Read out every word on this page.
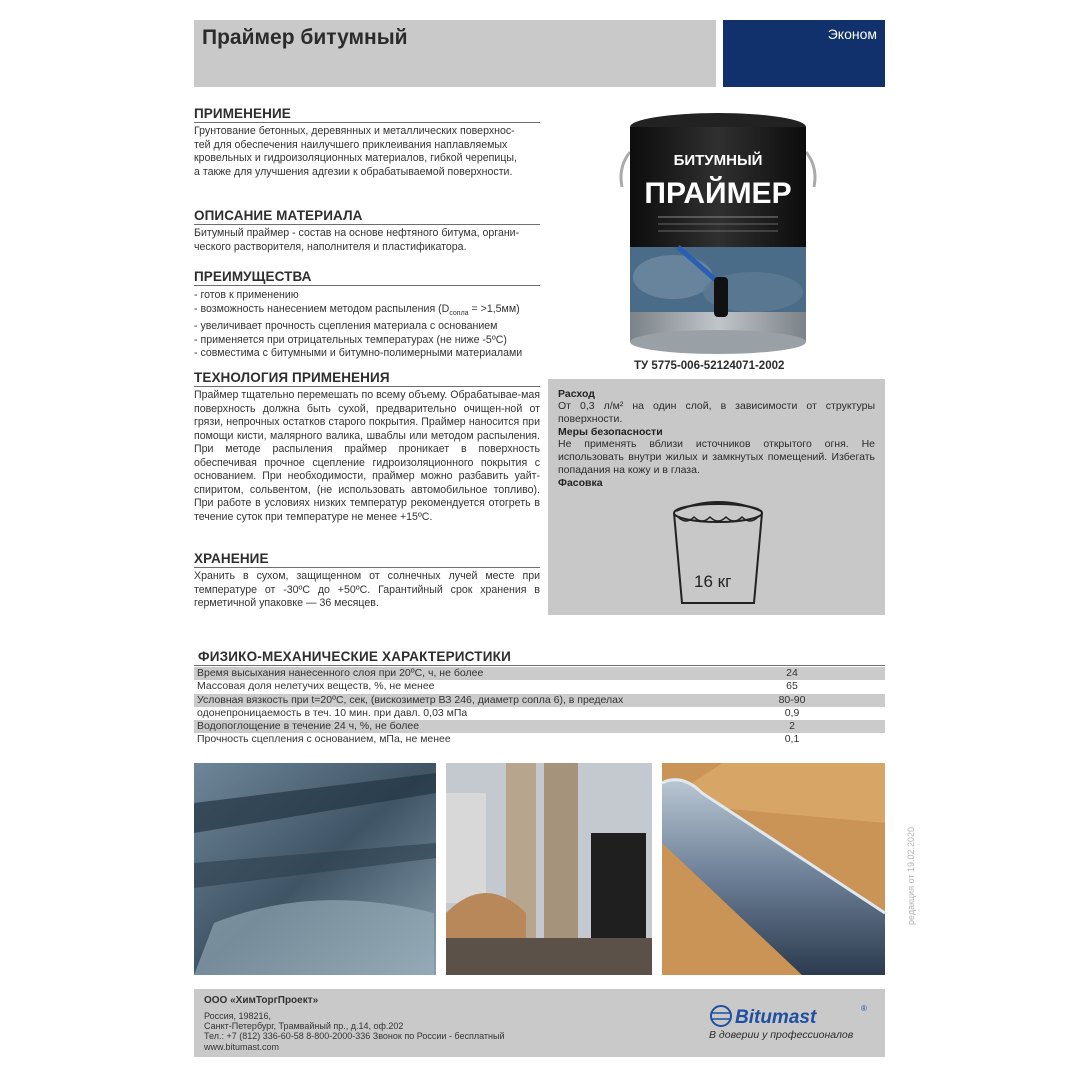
Праймер битумный	Эконом
ПРИМЕНЕНИЕ
Грунтование бетонных, деревянных и металлических поверхнос-
тей для обеспечения наилучшего приклеивания наплавляемых
кровельных и гидроизоляционных материалов, гибкой черепицы,
а также для улучшения адгезии к обрабатываемой поверхности.
ОПИСАНИЕ МАТЕРИАЛА
Битумный праймер - состав на основе нефтяного битума, органи-
ческого растворителя, наполнителя и пластификатора.
ПРЕИМУЩЕСТВА
- готов к применению
- возможность нанесением методом распыления $(D_{сопла} = >1,5мм)$
- увеличивает прочность сцепления материала с основанием
- применяется при отрицательных температурах (не ниже -5ºC)
- совместима с битумными и битумно-полимерными материалами
ТЕХНОЛОГИЯ ПРИМЕНЕНИЯ
Праймер тщательно перемешать по всему объему. Обрабатывае-мая поверхность должна быть сухой, предварительно очищен-ной от грязи, непрочных остатков старого покрытия. Праймер наносится при помощи кисти, малярного валика, шваблы или методом распыления. При методе распыления праймер проникает в поверхность обеспечивая прочное сцепление гидроизоляционного покрытия с основанием. При необходимости, праймер можно разбавить уайт-спиритом, сольвентом, (не использовать автомобильное топливо). При работе в условиях низких температур рекомендуется отогреть в течение суток при температуре не менее +15ºC.
ХРАНЕНИЕ
Хранить в сухом, защищенном от солнечных лучей месте при температуре от -30ºC до +50ºC. Гарантийный срок хранения в герметичной упаковке — 36 месяцев.
БИТУМНЫЙ
ПРАЙМЕР
ТУ 5775-006-52124071-2002
Расход
От 0,3 л/м² на один слой, в зависимости от структуры поверхности.
Меры безопасности
Не применять вблизи источников открытого огня. Не использовать внутри жилых и замкнутых помещений. Избегать попадания на кожу и в глаза.
Фасовка
16 кг
ФИЗИКО-МЕХАНИЧЕСКИЕ ХАРАКТЕРИСТИКИ
Время высыхания нанесенного слоя при 20ºC, ч, не более	24
Массовая доля нелетучих веществ, %, не менее	65
Условная вязкость при t=20ºC, сек, (вискозиметр ВЗ 246, диаметр сопла 6), в пределах	80-90
одонепроницаемость в теч. 10 мин. при давл. 0,03 мПа	0,9
Водопоглощение в течение 24 ч, %, не более	2
Прочность сцепления с основанием, мПа, не менее	0,1
ООО «ХимТоргПроект»
Россия, 198216,
Санкт-Петербург, Трамвайный пр., д.14, оф.202
Тел.: +7 (812) 336-60-58 8-800-2000-336 Звонок по России - бесплатный
www.bitumast.com
Bitumast	®
В доверии у профессионалов
редакция от 19.02.2020
